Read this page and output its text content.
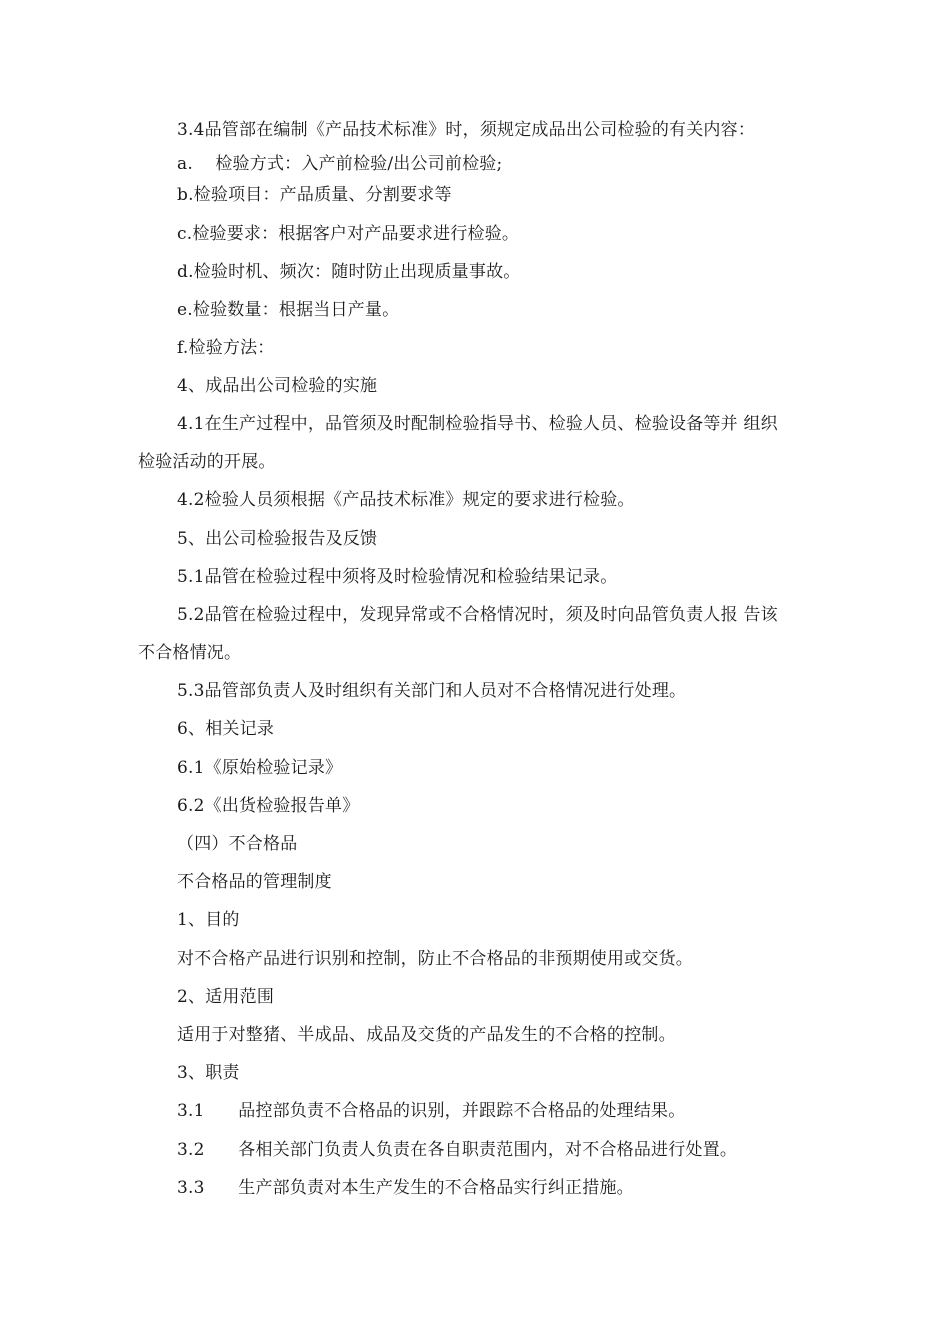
3.4品管部在编制《产品技术标准》时，须规定成品出公司检验的有关内容：
a.    检验方式：入产前检验/出公司前检验;
b.检验项目：产品质量、分割要求等
c.检验要求：根据客户对产品要求进行检验。
d.检验时机、频次：随时防止出现质量事故。
e.检验数量：根据当日产量。
f.检验方法：
4、成品出公司检验的实施
4.1在生产过程中，品管须及时配制检验指导书、检验人员、检验设备等并 组织
检验活动的开展。
4.2检验人员须根据《产品技术标准》规定的要求进行检验。
5、出公司检验报告及反馈
5.1品管在检验过程中须将及时检验情况和检验结果记录。
5.2品管在检验过程中，发现异常或不合格情况时，须及时向品管负责人报 告该
不合格情况。
5.3品管部负责人及时组织有关部门和人员对不合格情况进行处理。
6、相关记录
6.1《原始检验记录》
6.2《出货检验报告单》
（四）不合格品
不合格品的管理制度
1、目的
对不合格产品进行识别和控制，防止不合格品的非预期使用或交货。
2、适用范围
适用于对整猪、半成品、成品及交货的产品发生的不合格的控制。
3、职责
3.1      品控部负责不合格品的识别，并跟踪不合格品的处理结果。
3.2      各相关部门负责人负责在各自职责范围内，对不合格品进行处置。
3.3      生产部负责对本生产发生的不合格品实行纠正措施。
